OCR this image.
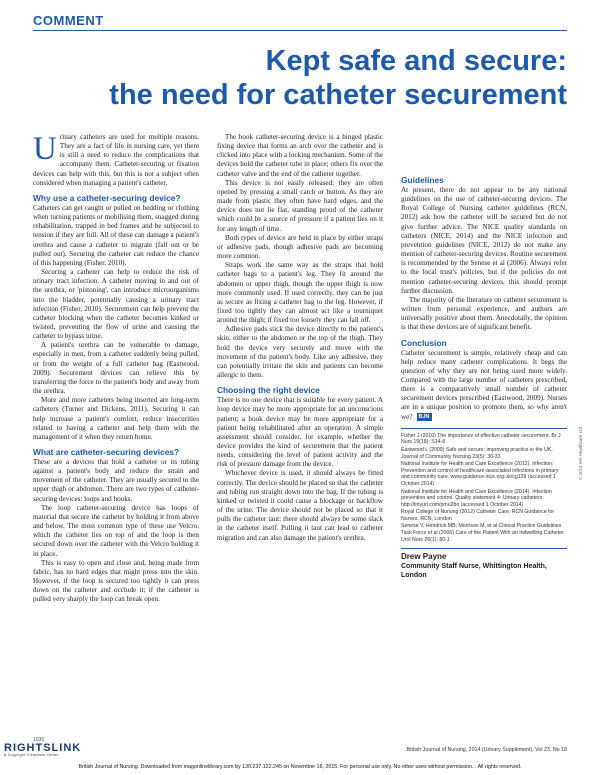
COMMENT
Kept safe and secure:
the need for catheter securement

Urinary catheters are used for multiple reasons. They are a fact of life in nursing care, yet there is still a need to reduce the complications that accompany them. Catheter-securing or fixation devices can help with this, but this is not a subject often considered when managing a patient's catheter.

Why use a catheter-securing device?

Catheters can get caught or pulled on bedding or clothing when turning patients or mobilising them, snagged during rehabilitation, trapped in bed frames and be subjected to tension if they are full. All of these can damage a patient's urethra and cause a catheter to migrate (fall out or be pulled out). Securing the catheter can reduce the chance of this happening (Fisher, 2010).

Securing a catheter can help to reduce the risk of urinary tract infection. A catheter moving in and out of the urethra, or 'pistoning', can introduce microorganisms into the bladder, potentially causing a urinary tract infection (Fisher, 2010). Securement can help prevent the catheter blocking when the catheter becomes kinked or twisted, preventing the flow of urine and causing the catheter to bypass urine.

A patient's urethra can be vulnerable to damage, especially in men, from a catheter suddenly being pulled, or from the weight of a full catheter bag (Eastwood, 2009). Securement devices can relieve this by transferring the force to the patient's body and away from the urethra.

More and more catheters being inserted are long-term catheters (Turner and Dickens, 2011). Securing it can help increase a patient's comfort, reduce insecurities related to having a catheter and help them with the management of it when they return home.

What are catheter-securing devices?

These are a devices that hold a catheter or its tubing against a patient's body and reduce the strain and movement of the catheter. They are usually secured to the upper thigh or abdomen. There are two types of catheter-securing devices: loops and hooks.

The loop catheter-securing device has loops of material that secure the catheter by holding it from above and below. The most common type of these use Velcro, which the catheter lies on top of and the loop is then secured down over the catheter with the Velcro holding it in place.

This is easy to open and close and, being made from fabric, has no hard edges that might press into the skin. However, if the loop is secured too tightly it can press down on the catheter and occlude it; if the catheter is pulled very sharply the loop can break open.

The hook catheter-securing device is a hinged plastic fixing device that forms an arch over the catheter and is clicked into place with a locking mechanism. Some of the devices hold the catheter tube in place; others fix over the catheter valve and the end of the catheter together.

This device is not easily released; they are often opened by pressing a small catch or button. As they are made from plastic they often have hard edges, and the device does not lie flat, standing proud of the catheter which could be a source of pressure if a patient lies on it for any length of time.

Both types of device are held in place by either straps or adhesive pads, though adhesive pads are becoming more common.

Straps work the same way as the straps that hold catheter bags to a patient's leg. They fit around the abdomen or upper thigh, though the upper thigh is now more commonly used. If used correctly, they can be just as secure as fixing a catheter bag to the leg. However, if fixed too tightly they can almost act like a tourniquet around the thigh; if fixed too loosely they can fall off.

Adhesive pads stick the device directly to the patient's skin, either to the abdomen or the top of the thigh. They hold the device very securely and move with the movement of the patient's body. Like any adhesive, they can potentially irritate the skin and patients can become allergic to them.

Choosing the right device

There is no one device that is suitable for every patient. A loop device may be more appropriate for an unconscious patient; a hook device may be more appropriate for a patient being rehabilitated after an operation. A simple assessment should consider, for example, whether the device provides the kind of securement that the patient needs, considering the level of patient activity and the risk of pressure damage from the device.

Whichever device is used, it should always be fitted correctly. The device should be placed so that the catheter and tubing run straight down into the bag. If the tubing is kinked or twisted it could cause a blockage or backflow of the urine. The device should not be placed so that it pulls the catheter taut: there should always be some slack in the catheter itself. Pulling it taut can lead to catheter migration and can also damage the patient's urethra.

Guidelines

At present, there do not appear to be any national guidelines on the use of catheter-securing devices. The Royal College of Nursing catheter guidelines (RCN, 2012) ask how the catheter will be secured but do not give further advice. The NICE quality standards on catheters (NICE, 2014) and the NICE infection and prevention guidelines (NICE, 2012) do not make any mention of catheter-securing devices. Routine securement is recommended by the Senese et al (2006). Always refer to the local trust's policies, but if the policies do not mention catheter-securing devices, this should prompt further discussion.

The majority of the literature on catheter securement is written from personal experience, and authors are universally positive about them. Anecdotally, the opinion is that these devices are of significant benefit.

Conclusion

Catheter securement is simple, relatively cheap and can help reduce many catheter complications. It begs the question of why they are not being used more widely. Compared with the large number of catheters prescribed, there is a comparatively small number of catheter securement devices prescribed (Eastwood, 2009). Nurses are in a unique position to promote them, so why aren't we? BJN

Fisher J (2010) The importance of effective catheter securement. Br J Nurs 19(18): S14-8
Eastwood L (2009) Safe and secure: improving practice in the UK. Journal of Community Nursing 23(5): 30-33
National Institute for Health and Care Excellence (2012). Infection: Prevention and control of healthcare-associated infections in primary and community care. www.guidance.nice.org.uk/cg139 (accessed 1 October 2014)
National Institute for Health and Care Excellence (2014). Infection prevention and control. Quality statement 4: Urinary catheters. http://tinyurl.com/pmu2bo (accessed 1 October 2014)
Royal College of Nursing (2012) Catheter Care. RCN Guidance for Nurses. RCN, London
Senese V, Hendrick MB, Morrison M, et al Clinical Practice Guidelines Task Force et al (2006) Care of the Patient With an Indwelling Catheter. Urol Nurs 26(1): 80-1
Drew Payne
Community Staff Nurse, Whittington Health, London
© 2014 MA Healthcare Ltd
1036
RIGHTSLINK
A Copyright Clearance Center
British Journal of Nursing, 2014 (Urinary Supplement), Vol 23, No 18
British Journal of Nursing. Downloaded from magonlinelibrary.com by 130.237.122.245 on November 16, 2015. For personal use only. No other uses without permission. . All rights reserved.
